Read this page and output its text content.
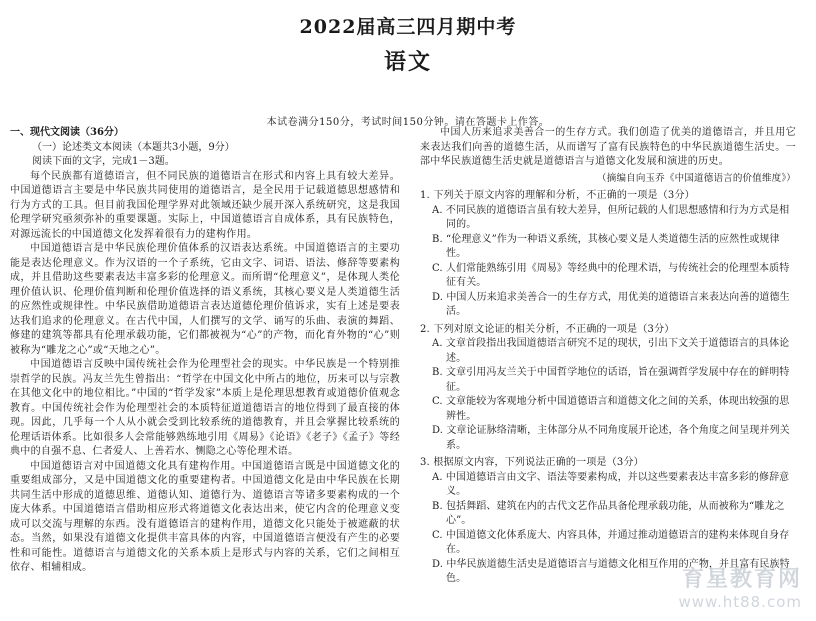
2022届高三四月期中考
语文
本试卷满分150分，考试时间150分钟。请在答题卡上作答。
一、现代文阅读（36分）
（一）论述类文本阅读（本题共3小题，9分）
阅读下面的文字，完成1－3题。

每个民族都有道德语言，但不同民族的道德语言在形式和内容上具有较大差异。中国道德语言主要是中华民族共同使用的道德语言，是全民用于记载道德思想感情和行为方式的工具。但目前我国伦理学界对此领域还缺少展开深入系统研究，这是我国伦理学研究亟须弥补的重要课题。实际上，中国道德语言自成体系，具有民族特色，对源远流长的中国道德文化发挥着很有力的建构作用。

中国道德语言是中华民族伦理价值体系的汉语表达系统。中国道德语言的主要功能是表达伦理意义。作为汉语的一个子系统，它由文字、词语、语法、修辞等要素构成，并且借助这些要素表达丰富多彩的伦理意义。而所谓“伦理意义”，是体现人类伦理价值认识、伦理价值判断和伦理价值选择的语义系统，其核心要义是人类道德生活的应然性或规律性。中华民族借助道德语言表达道德伦理价值诉求，实有上述是要表达我们追求的伦理意义。在古代中国，人们撰写的文学、诵写的乐曲、表演的舞蹈、修建的建筑等都具有伦理承载功能，它们都被视为“心”的产物，而化育外物的“心”则被称为“雕龙之心”或“天地之心”。

中国道德语言反映中国传统社会作为伦理型社会的现实。中华民族是一个特别推崇哲学的民族。冯友兰先生曾指出：“哲学在中国文化中所占的地位，历来可以与宗教在其他文化中的地位相比。”中国的“哲学发家”本质上是伦理思想教育或道德价值观念教育。中国传统社会作为伦理型社会的本质特征道道德语言的地位得到了最直接的体现。因此，几乎每一个人从小就会受到比较系统的道德教育，并且会掌握比较系统的伦理话语体系。比如很多人会常能够熟练地引用《周易》《论语》《老子》《孟子》等经典中的自强不息、仁者爱人、上善若水、恻隐之心等伦理术语。

中国道德语言对中国道德文化具有建构作用。中国道德语言既是中国道德文化的重要组成部分，又是中国道德文化的重要建构者。中国道德文化是由中华民族在长期共同生活中形成的道德思维、道德认知、道德行为、道德语言等诸多要素构成的一个庞大体系。中国道德语言借助相应形式将道德文化表达出来，使它内含的伦理意义变成可以交流与理解的东西。没有道德语言的建构作用，道德文化只能处于被遮蔽的状态。当然，如果没有道德文化提供丰富具体的内容，中国道德语言便没有产生的必要性和可能性。道德语言与道德文化的关系本质上是形式与内容的关系，它们之间相互依存、相辅相成。

中国人历来追求美善合一的生存方式。我们创造了优美的道德语言，并且用它来表达我们向善的道德生活，从而谱写了富有民族特色的中华民族道德生活史。一部中华民族道德生活史就是道德语言与道德文化发展和演进的历史。

（摘编自向玉乔《中国道德语言的价值维度》）
1. 下列关于原文内容的理解和分析，不正确的一项是（3分）
A. 不同民族的道德语言虽有较大差异，但所记载的人们思想感情和行为方式是相同的。
B. “伦理意义”作为一种语义系统，其核心要义是人类道德生活的应然性或规律性。
C. 人们常能熟练引用《周易》等经典中的伦理术语，与传统社会的伦理型本质特征有关。
D. 中国人历来追求美善合一的生存方式，用优美的道德语言来表达向善的道德生活。
2. 下列对原文论证的相关分析，不正确的一项是（3分）
A. 文章首段指出我国道德语言研究不足的现状，引出下文关于道德语言的具体论述。
B. 文章引用冯友兰关于中国哲学地位的话语，旨在强调哲学发展中存在的鲜明特征。
C. 文章能较为客观地分析中国道德语言和道德文化之间的关系，体现出较强的思辨性。
D. 文章论证脉络清晰，主体部分从不同角度展开论述，各个角度之间呈现并列关系。
3. 根据原文内容，下列说法正确的一项是（3分）
A. 中国道德语言由文字、语法等要素构成，并以这些要素表达丰富多彩的修辞意义。
B. 包括舞蹈、建筑在内的古代文艺作品具备伦理承载功能，从而被称为“雕龙之心”。
C. 中国道德文化体系庞大、内容具体，并通过推动道德语言的建构来体现自身存在。
D. 中华民族道德生活史是道德语言与道德文化相互作用的产物，并且富有民族特色。	育星教育网
www.ht88.com
